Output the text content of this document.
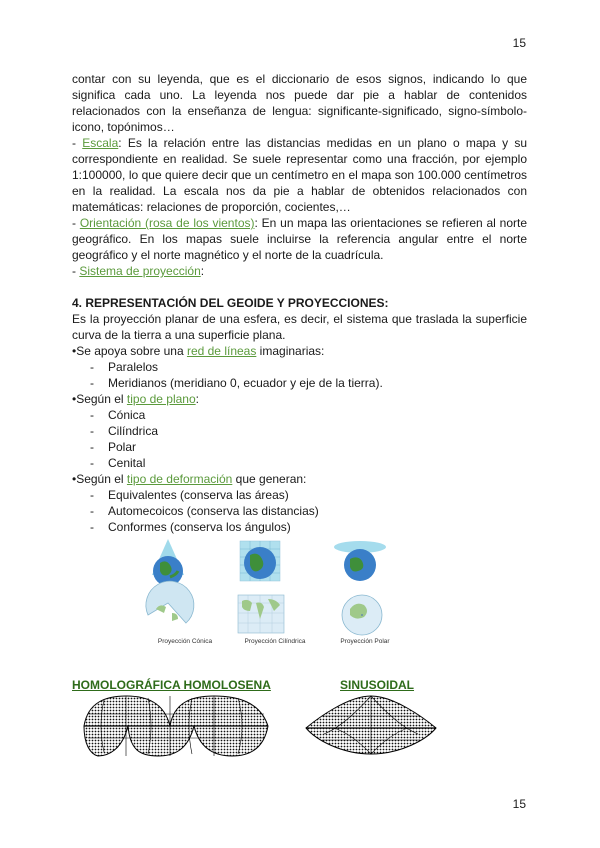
15

contar con su leyenda, que es el diccionario de esos signos, indicando lo que significa cada uno. La leyenda nos puede dar pie a hablar de contenidos relacionados con la enseñanza de lengua: significante-significado, signo-símbolo-icono, topónimos…

- Escala: Es la relación entre las distancias medidas en un plano o mapa y su correspondiente en realidad. Se suele representar como una fracción, por ejemplo 1:100000, lo que quiere decir que un centímetro en el mapa son 100.000 centímetros en la realidad. La escala nos da pie a hablar de obtenidos relacionados con matemáticas: relaciones de proporción, cocientes,…

- Orientación (rosa de los vientos): En un mapa las orientaciones se refieren al norte geográfico. En los mapas suele incluirse la referencia angular entre el norte geográfico y el norte magnético y el norte de la cuadrícula.

- Sistema de proyección:

4. REPRESENTACIÓN DEL GEOIDE Y PROYECCIONES:

Es la proyección planar de una esfera, es decir, el sistema que traslada la superficie curva de la tierra a una superficie plana.

•Se apoya sobre una red de líneas imaginarias:

- Paralelos
- Meridianos (meridiano 0, ecuador y eje de la tierra).

•Según el tipo de plano:

- Cónica
- Cilíndrica
- Polar
- Cenital

•Según el tipo de deformación que generan:

- Equivalentes (conserva las áreas)
- Automecoicos (conserva las distancias)
- Conformes (conserva los ángulos)
Proyección Cónica	Proyección Cilíndrica	Proyección Polar
HOMOLOGRÁFICA HOMOLOSENA	SINUSOIDAL
15
